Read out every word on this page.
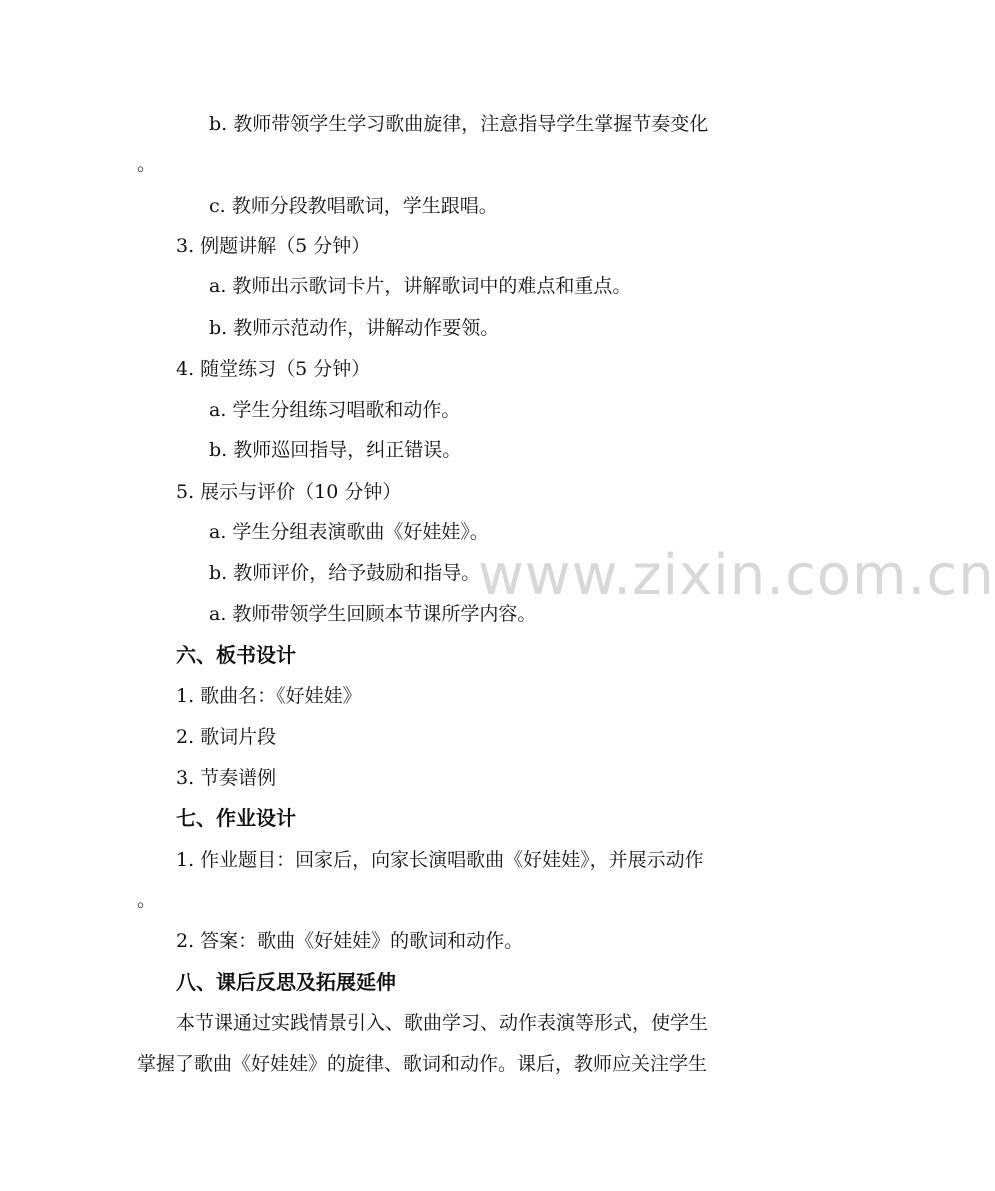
www.zixin.com.cn
b. 教师带领学生学习歌曲旋律，注意指导学生掌握节奏变化
。
c. 教师分段教唱歌词，学生跟唱。
3. 例题讲解（5 分钟）
a. 教师出示歌词卡片，讲解歌词中的难点和重点。
b. 教师示范动作，讲解动作要领。
4. 随堂练习（5 分钟）
a. 学生分组练习唱歌和动作。
b. 教师巡回指导，纠正错误。
5. 展示与评价（10 分钟）
a. 学生分组表演歌曲《好娃娃》。
b. 教师评价，给予鼓励和指导。
a. 教师带领学生回顾本节课所学内容。
六、板书设计
1. 歌曲名：《好娃娃》
2. 歌词片段
3. 节奏谱例
七、作业设计
1. 作业题目：回家后，向家长演唱歌曲《好娃娃》，并展示动作
。
2. 答案：歌曲《好娃娃》的歌词和动作。
八、课后反思及拓展延伸
本节课通过实践情景引入、歌曲学习、动作表演等形式，使学生
掌握了歌曲《好娃娃》的旋律、歌词和动作。课后，教师应关注学生
